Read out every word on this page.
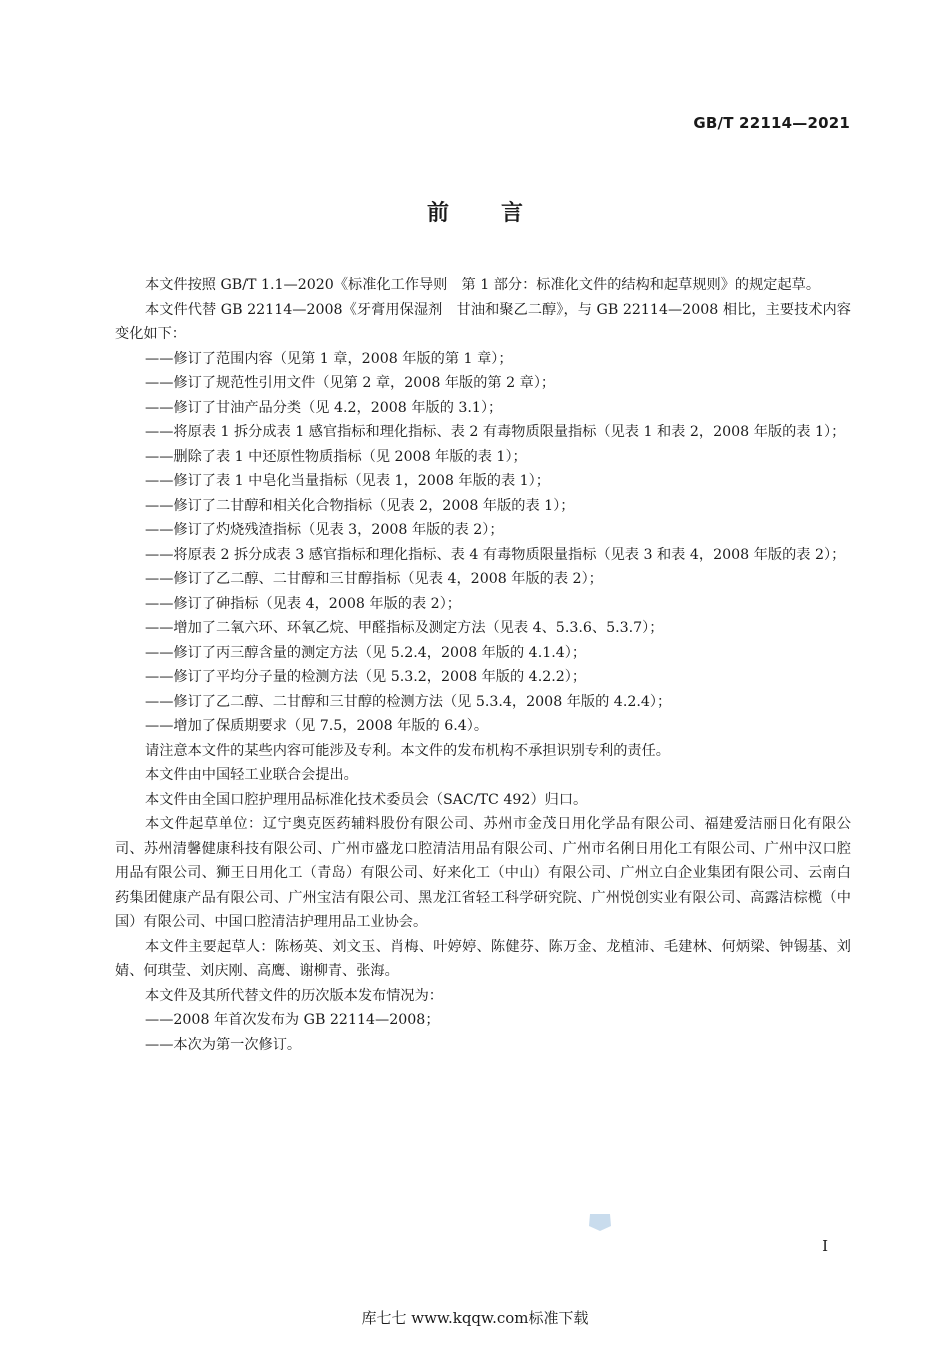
GB/T 22114—2021
前言

本文件按照 GB/T 1.1—2020《标准化工作导则　第 1 部分：标准化文件的结构和起草规则》的规定起草。

本文件代替 GB 22114—2008《牙膏用保湿剂　甘油和聚乙二醇》，与 GB 22114—2008 相比，主要技术内容变化如下：

——修订了范围内容（见第 1 章，2008 年版的第 1 章）；

——修订了规范性引用文件（见第 2 章，2008 年版的第 2 章）；

——修订了甘油产品分类（见 4.2，2008 年版的 3.1）；

——将原表 1 拆分成表 1 感官指标和理化指标、表 2 有毒物质限量指标（见表 1 和表 2，2008 年版的表 1）；

——删除了表 1 中还原性物质指标（见 2008 年版的表 1）；

——修订了表 1 中皂化当量指标（见表 1，2008 年版的表 1）；

——修订了二甘醇和相关化合物指标（见表 2，2008 年版的表 1）；

——修订了灼烧残渣指标（见表 3，2008 年版的表 2）；

——将原表 2 拆分成表 3 感官指标和理化指标、表 4 有毒物质限量指标（见表 3 和表 4，2008 年版的表 2）；

——修订了乙二醇、二甘醇和三甘醇指标（见表 4，2008 年版的表 2）；

——修订了砷指标（见表 4，2008 年版的表 2）；

——增加了二氧六环、环氧乙烷、甲醛指标及测定方法（见表 4、5.3.6、5.3.7）；

——修订了丙三醇含量的测定方法（见 5.2.4，2008 年版的 4.1.4）；

——修订了平均分子量的检测方法（见 5.3.2，2008 年版的 4.2.2）；

——修订了乙二醇、二甘醇和三甘醇的检测方法（见 5.3.4，2008 年版的 4.2.4）；

——增加了保质期要求（见 7.5，2008 年版的 6.4）。

请注意本文件的某些内容可能涉及专利。本文件的发布机构不承担识别专利的责任。

本文件由中国轻工业联合会提出。

本文件由全国口腔护理用品标准化技术委员会（SAC/TC 492）归口。

本文件起草单位：辽宁奥克医药辅料股份有限公司、苏州市金茂日用化学品有限公司、福建爱洁丽日化有限公司、苏州清馨健康科技有限公司、广州市盛龙口腔清洁用品有限公司、广州市名俐日用化工有限公司、广州中汉口腔用品有限公司、狮王日用化工（青岛）有限公司、好来化工（中山）有限公司、广州立白企业集团有限公司、云南白药集团健康产品有限公司、广州宝洁有限公司、黑龙江省轻工科学研究院、广州悦创实业有限公司、高露洁棕榄（中国）有限公司、中国口腔清洁护理用品工业协会。

本文件主要起草人：陈杨英、刘文玉、肖梅、叶婷婷、陈健芬、陈万金、龙植沛、毛建林、何炳梁、钟锡基、刘婧、何琪莹、刘庆刚、高鹰、谢柳青、张海。

本文件及其所代替文件的历次版本发布情况为：

——2008 年首次发布为 GB 22114—2008；

——本次为第一次修订。

I
库七七 www.kqqw.com标准下载
